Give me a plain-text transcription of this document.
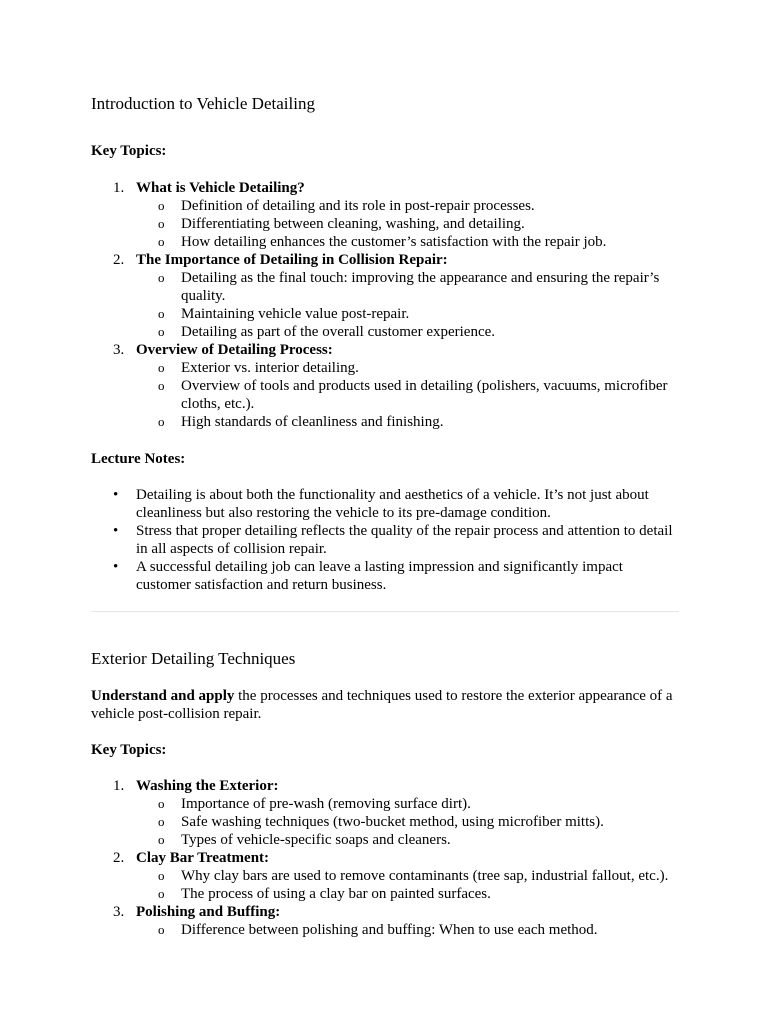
Introduction to Vehicle Detailing
Key Topics:
1. What is Vehicle Detailing?
o Definition of detailing and its role in post-repair processes.
o Differentiating between cleaning, washing, and detailing.
o How detailing enhances the customer’s satisfaction with the repair job.
2. The Importance of Detailing in Collision Repair:
o Detailing as the final touch: improving the appearance and ensuring the repair’s quality.
o Maintaining vehicle value post-repair.
o Detailing as part of the overall customer experience.
3. Overview of Detailing Process:
o Exterior vs. interior detailing.
o Overview of tools and products used in detailing (polishers, vacuums, microfiber cloths, etc.).
o High standards of cleanliness and finishing.
Lecture Notes:
• Detailing is about both the functionality and aesthetics of a vehicle. It’s not just about cleanliness but also restoring the vehicle to its pre-damage condition.
• Stress that proper detailing reflects the quality of the repair process and attention to detail in all aspects of collision repair.
• A successful detailing job can leave a lasting impression and significantly impact customer satisfaction and return business.
Exterior Detailing Techniques

Understand and apply the processes and techniques used to restore the exterior appearance of a vehicle post-collision repair.

Key Topics:
1. Washing the Exterior:
o Importance of pre-wash (removing surface dirt).
o Safe washing techniques (two-bucket method, using microfiber mitts).
o Types of vehicle-specific soaps and cleaners.
2. Clay Bar Treatment:
o Why clay bars are used to remove contaminants (tree sap, industrial fallout, etc.).
o The process of using a clay bar on painted surfaces.
3. Polishing and Buffing:
o Difference between polishing and buffing: When to use each method.
